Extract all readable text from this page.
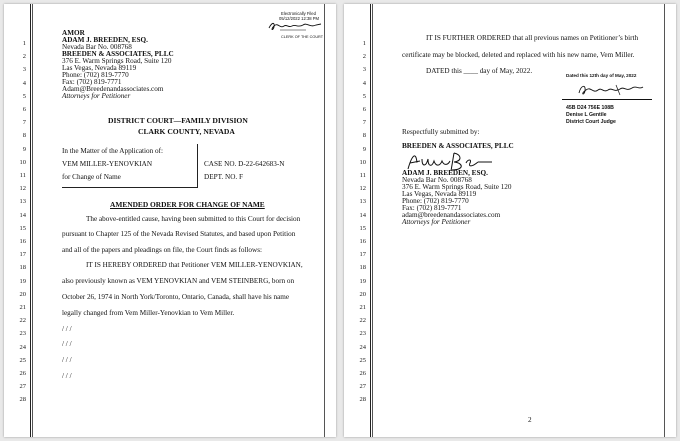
1
2
3
4
5
6
7
8
9
10
11
12
13
14
15
16
17
18
19
20
21
22
23
24
25
26
27
28
Electronically Filed
05/12/2022 12:38 PM
CLERK OF THE COURT
AMOR
ADAM J. BREEDEN, ESQ.
Nevada Bar No. 008768
BREEDEN & ASSOCIATES, PLLC
376 E. Warm Springs Road, Suite 120
Las Vegas, Nevada 89119
Phone: (702) 819-7770
Fax: (702) 819-7771
Adam@Breedenandassociates.com
Attorneys for Petitioner
DISTRICT COURT—FAMILY DIVISION
CLARK COUNTY, NEVADA
In the Matter of the Application of:
VEM MILLER-YENOVKIAN
for Change of Name
CASE NO. D-22-642683-N
DEPT. NO. F
AMENDED ORDER FOR CHANGE OF NAME
The above-entitled cause, having been submitted to this Court for decision
pursuant to Chapter 125 of the Nevada Revised Statutes, and based upon Petition
and all of the papers and pleadings on file, the Court finds as follows:
IT IS HEREBY ORDERED that Petitioner VEM MILLER-YENOVKIAN,
also previously known as VEM YENOVKIAN and VEM STEINBERG, born on
October 26, 1974 in North York/Toronto, Ontario, Canada, shall have his name
legally changed from Vem Miller-Yenovkian to Vem Miller.
/ / /
/ / /
/ / /
/ / /
1
2
3
4
5
6
7
8
9
10
11
12
13
14
15
16
17
18
19
20
21
22
23
24
25
26
27
28
IT IS FURTHER ORDERED that all previous names on Petitioner’s birth
certificate may be blocked, deleted and replaced with his new name, Vem Miller.
DATED this ____ day of May, 2022.
Dated this 12th day of May, 2022
45B D24 756E 108B
Denise L Gentile
District Court Judge
Respectfully submitted by:
BREEDEN & ASSOCIATES, PLLC
ADAM J. BREEDEN, ESQ.
Nevada Bar No. 008768
376 E. Warm Springs Road, Suite 120
Las Vegas, Nevada 89119
Phone: (702) 819-7770
Fax: (702) 819-7771
adam@breedenandassociates.com
Attorneys for Petitioner
2
